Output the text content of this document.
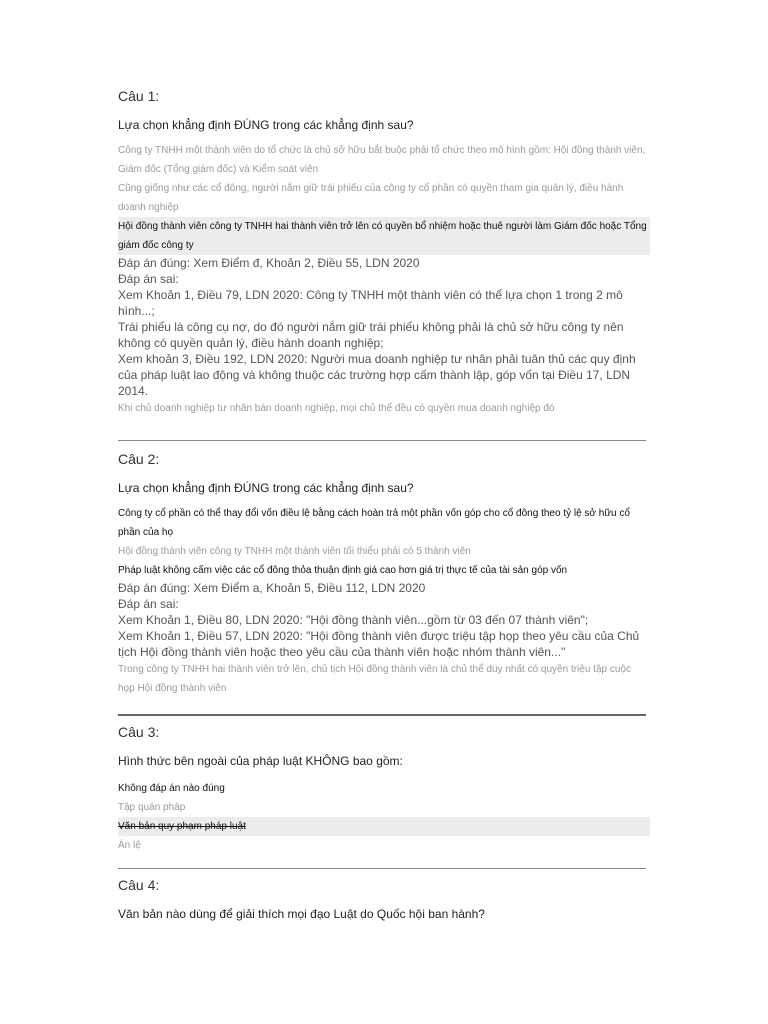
Câu 1:
Lựa chọn khẳng định ĐÚNG trong các khẳng định sau?
Công ty TNHH một thành viên do tổ chức là chủ sở hữu bắt buộc phải tổ chức theo mô hình gồm: Hội đồng thành viên, Giám đốc (Tổng giám đốc) và Kiểm soát viên
Cũng giống như các cổ đông, người nắm giữ trái phiếu của công ty cổ phần có quyền tham gia quản lý, điều hành doanh nghiệp
Hội đồng thành viên công ty TNHH hai thành viên trở lên có quyền bổ nhiệm hoặc thuê người làm Giám đốc hoặc Tổng giám đốc công ty
Đáp án đúng: Xem Điểm đ, Khoản 2, Điều 55, LDN 2020
Đáp án sai:
Xem Khoản 1, Điều 79, LDN 2020: Công ty TNHH một thành viên có thể lựa chọn 1 trong 2 mô hình...;
Trái phiếu là công cụ nợ, do đó người nắm giữ trái phiếu không phải là chủ sở hữu công ty nên không có quyền quản lý, điều hành doanh nghiệp;
Xem khoản 3, Điều 192, LDN 2020: Người mua doanh nghiệp tư nhân phải tuân thủ các quy định của pháp luật lao động và không thuộc các trường hợp cấm thành lập, góp vốn tại Điều 17, LDN 2014.
Khi chủ doanh nghiệp tư nhân bán doanh nghiệp, mọi chủ thể đều có quyền mua doanh nghiệp đó
Câu 2:
Lựa chọn khẳng định ĐÚNG trong các khẳng định sau?
Công ty cổ phần có thể thay đổi vốn điều lệ bằng cách hoàn trả một phần vốn góp cho cổ đông theo tỷ lệ sở hữu cổ phần của họ
Hội đồng thành viên công ty TNHH một thành viên tối thiểu phải có 5 thành viên
Pháp luật không cấm việc các cổ đông thỏa thuận định giá cao hơn giá trị thực tế của tài sản góp vốn
Đáp án đúng: Xem Điểm a, Khoản 5, Điều 112, LDN 2020
Đáp án sai:
Xem Khoản 1, Điều 80, LDN 2020: "Hội đồng thành viên...gồm từ 03 đến 07 thành viên";
Xem Khoản 1, Điều 57, LDN 2020: "Hội đồng thành viên được triệu tập họp theo yêu cầu của Chủ tịch Hội đồng thành viên hoặc theo yêu cầu của thành viên hoặc nhóm thành viên..."
Trong công ty TNHH hai thành viên trở lên, chủ tịch Hội đồng thành viên là chủ thể duy nhất có quyền triệu tập cuộc họp Hội đồng thành viên
Câu 3:
Hình thức bên ngoài của pháp luật KHÔNG bao gồm:
Không đáp án nào đúng
Tập quán pháp
Văn bản quy phạm pháp luật
Án lệ
Câu 4:
Văn bản nào dùng để giải thích mọi đạo Luật do Quốc hội ban hành?
